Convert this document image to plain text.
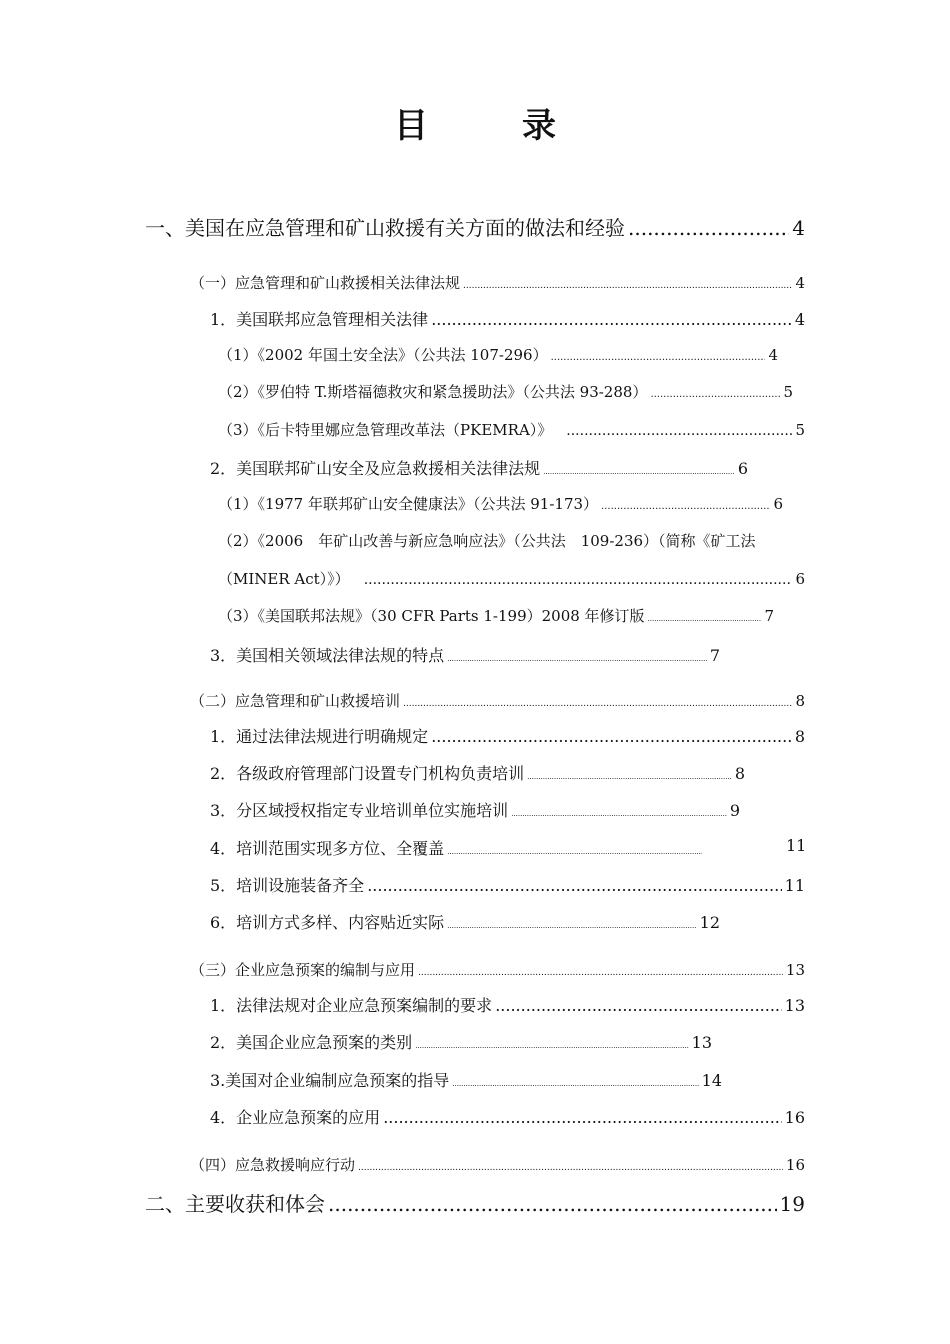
目　录
一、美国在应急管理和矿山救援有关方面的做法和经验 .....	4
（一）应急管理和矿山救援相关法律法规 .....	4
1．美国联邦应急管理相关法律 .....	4
（1）《2002 年国土安全法》（公共法 107-296） .....	4
（2）《罗伯特 T.斯塔福德救灾和紧急援助法》（公共法 93-288） .....	5
（3）《后卡特里娜应急管理改革法（PKEMRA）》 .....	5
2．美国联邦矿山安全及应急救援相关法律法规 .....	6
（1）《1977 年联邦矿山安全健康法》（公共法 91-173） .....	6
（2）《2006　年矿山改善与新应急响应法》（公共法　109-236）（简称《矿工法
（MINER Act）》） .....	6
（3）《美国联邦法规》（30 CFR Parts 1-199）2008 年修订版 .....	7
3．美国相关领域法律法规的特点 .....	7
（二）应急管理和矿山救援培训 .....	8
1．通过法律法规进行明确规定 .....	8
2．各级政府管理部门设置专门机构负责培训 .....	8
3．分区域授权指定专业培训单位实施培训 .....	9
4．培训范围实现多方位、全覆盖 .....	11
5．培训设施装备齐全 .....	11
6．培训方式多样、内容贴近实际 .....	12
（三）企业应急预案的编制与应用 .....	13
1．法律法规对企业应急预案编制的要求 .....	13
2．美国企业应急预案的类别 .....	13
3.美国对企业编制应急预案的指导 .....	14
4．企业应急预案的应用 .....	16
（四）应急救援响应行动 .....	16
二、主要收获和体会 .....	19
